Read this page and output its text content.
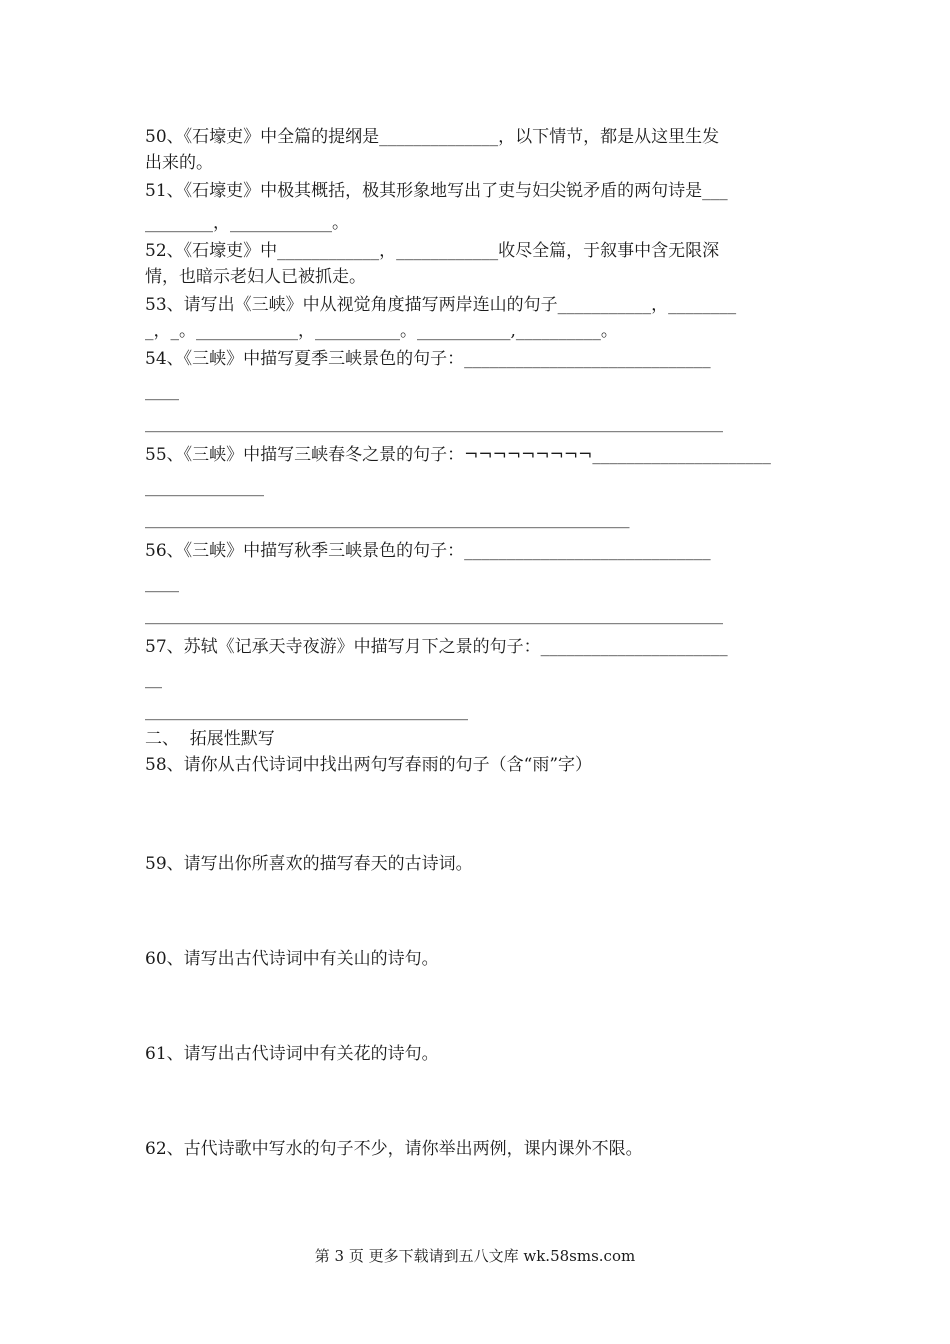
50、《石壕吏》中全篇的提纲是______________，以下情节，都是从这里生发
出来的。
51、《石壕吏》中极其概括，极其形象地写出了吏与妇尖锐矛盾的两句诗是___
________，____________。
52、《石壕吏》中____________，____________收尽全篇，于叙事中含无限深
情，也暗示老妇人已被抓走。
53、请写出《三峡》中从视觉角度描写两岸连山的句子___________，________
_，_。____________，__________。___________,__________。
54、《三峡》中描写夏季三峡景色的句子：_____________________________
____
____________________________________________________________________
55、《三峡》中描写三峡春冬之景的句子：¬¬¬¬¬¬¬¬¬_____________________
______________
_________________________________________________________
56、《三峡》中描写秋季三峡景色的句子：_____________________________
____
____________________________________________________________________
57、苏轼《记承天寺夜游》中描写月下之景的句子：______________________
__
______________________________________
二、  拓展性默写
58、请你从古代诗词中找出两句写春雨的句子（含“雨”字）
59、请写出你所喜欢的描写春天的古诗词。
60、请写出古代诗词中有关山的诗句。
61、请写出古代诗词中有关花的诗句。
62、古代诗歌中写水的句子不少，请你举出两例，课内课外不限。
第 3 页 更多下载请到五八文库 wk.58sms.com
